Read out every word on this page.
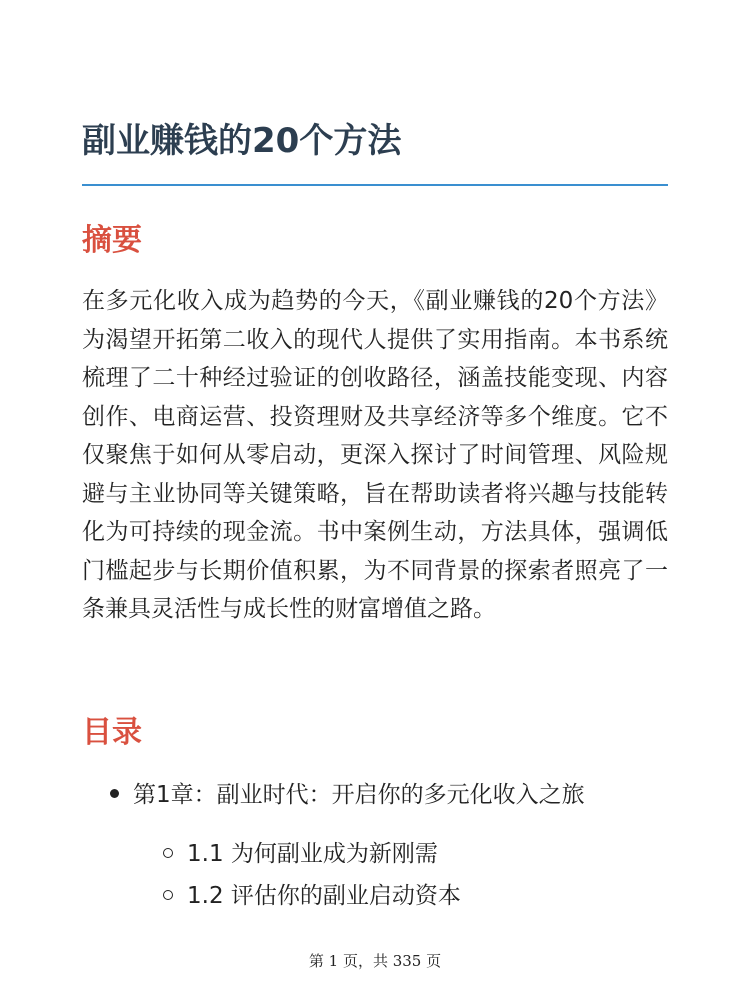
副业赚钱的20个方法
摘要

在多元化收入成为趋势的今天，《副业赚钱的20个方法》为渴望开拓第二收入的现代人提供了实用指南。本书系统梳理了二十种经过验证的创收路径，涵盖技能变现、内容创作、电商运营、投资理财及共享经济等多个维度。它不仅聚焦于如何从零启动，更深入探讨了时间管理、风险规避与主业协同等关键策略，旨在帮助读者将兴趣与技能转化为可持续的现金流。书中案例生动，方法具体，强调低门槛起步与长期价值积累，为不同背景的探索者照亮了一条兼具灵活性与成长性的财富增值之路。

目录
第1章：副业时代：开启你的多元化收入之旅
1.1 为何副业成为新刚需
1.2 评估你的副业启动资本
第 1 页，共 335 页
